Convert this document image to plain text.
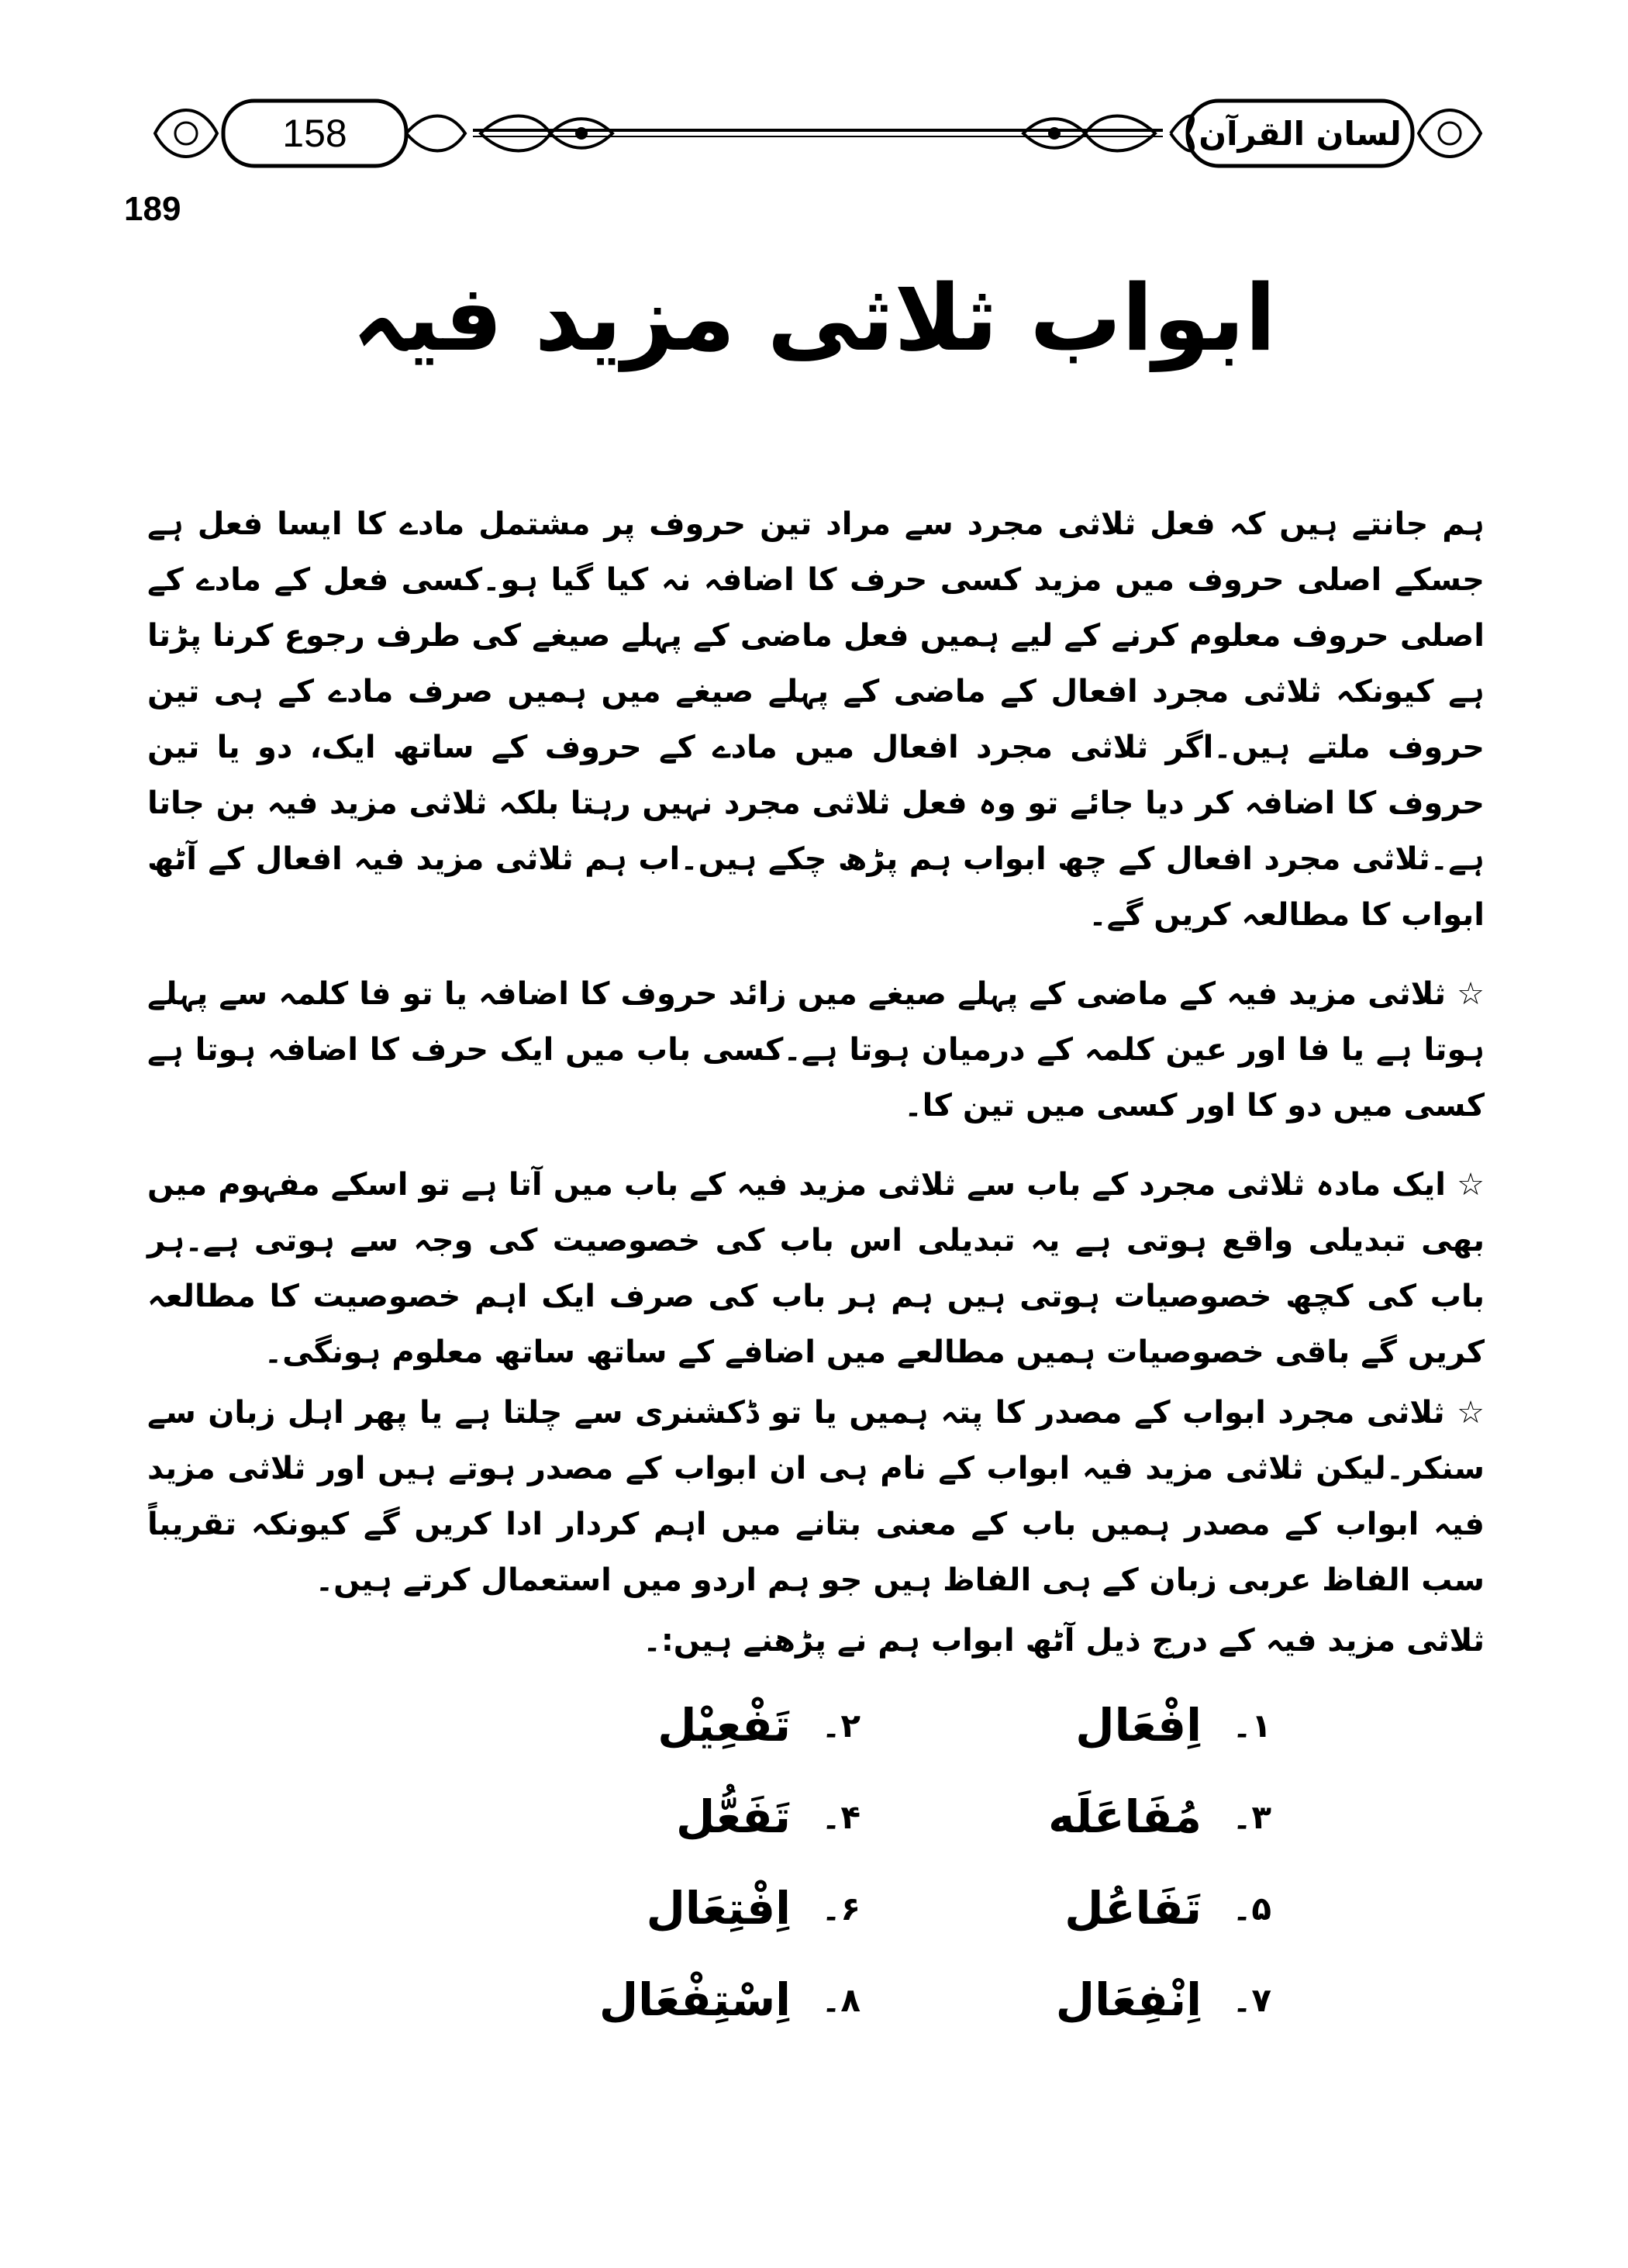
158	لسان القرآن
189
ابواب ثلاثی مزید فیہ

ہم جانتے ہیں کہ فعل ثلاثی مجرد سے مراد تین حروف پر مشتمل مادے کا ایسا فعل ہے جسکے اصلی حروف میں مزید کسی حرف کا اضافہ نہ کیا گیا ہو۔کسی فعل کے مادے کے اصلی حروف معلوم کرنے کے لیے ہمیں فعل ماضی کے پہلے صیغے کی طرف رجوع کرنا پڑتا ہے کیونکہ ثلاثی مجرد افعال کے ماضی کے پہلے صیغے میں ہمیں صرف مادے کے ہی تین حروف ملتے ہیں۔اگر ثلاثی مجرد افعال میں مادے کے حروف کے ساتھ ایک، دو یا تین حروف کا اضافہ کر دیا جائے تو وہ فعل ثلاثی مجرد نہیں رہتا بلکہ ثلاثی مزید فیہ بن جاتا ہے۔ثلاثی مجرد افعال کے چھ ابواب ہم پڑھ چکے ہیں۔اب ہم ثلاثی مزید فیہ افعال کے آٹھ ابواب کا مطالعہ کریں گے۔

☆ ثلاثی مزید فیہ کے ماضی کے پہلے صیغے میں زائد حروف کا اضافہ یا تو فا کلمہ سے پہلے ہوتا ہے یا فا اور عین کلمہ کے درمیان ہوتا ہے۔کسی باب میں ایک حرف کا اضافہ ہوتا ہے کسی میں دو کا اور کسی میں تین کا۔

☆ ایک مادہ ثلاثی مجرد کے باب سے ثلاثی مزید فیہ کے باب میں آتا ہے تو اسکے مفہوم میں بھی تبدیلی واقع ہوتی ہے یہ تبدیلی اس باب کی خصوصیت کی وجہ سے ہوتی ہے۔ہر باب کی کچھ خصوصیات ہوتی ہیں ہم ہر باب کی صرف ایک اہم خصوصیت کا مطالعہ کریں گے باقی خصوصیات ہمیں مطالعے میں اضافے کے ساتھ ساتھ معلوم ہونگی۔

☆ ثلاثی مجرد ابواب کے مصدر کا پتہ ہمیں یا تو ڈکشنری سے چلتا ہے یا پھر اہل زبان سے سنکر۔لیکن ثلاثی مزید فیہ ابواب کے نام ہی ان ابواب کے مصدر ہوتے ہیں اور ثلاثی مزید فیہ ابواب کے مصدر ہمیں باب کے معنی بتانے میں اہم کردار ادا کریں گے کیونکہ تقریباً سب الفاظ عربی زبان کے ہی الفاظ ہیں جو ہم اردو میں استعمال کرتے ہیں۔

ثلاثی مزید فیہ کے درج ذیل آٹھ ابواب ہم نے پڑھنے ہیں:۔

۱۔
اِفْعَال
۲۔
تَفْعِیْل
۳۔
مُفَاعَلَه
۴۔
تَفَعُّل
۵۔
تَفَاعُل
۶۔
اِفْتِعَال
۷۔
اِنْفِعَال
۸۔
اِسْتِفْعَال
